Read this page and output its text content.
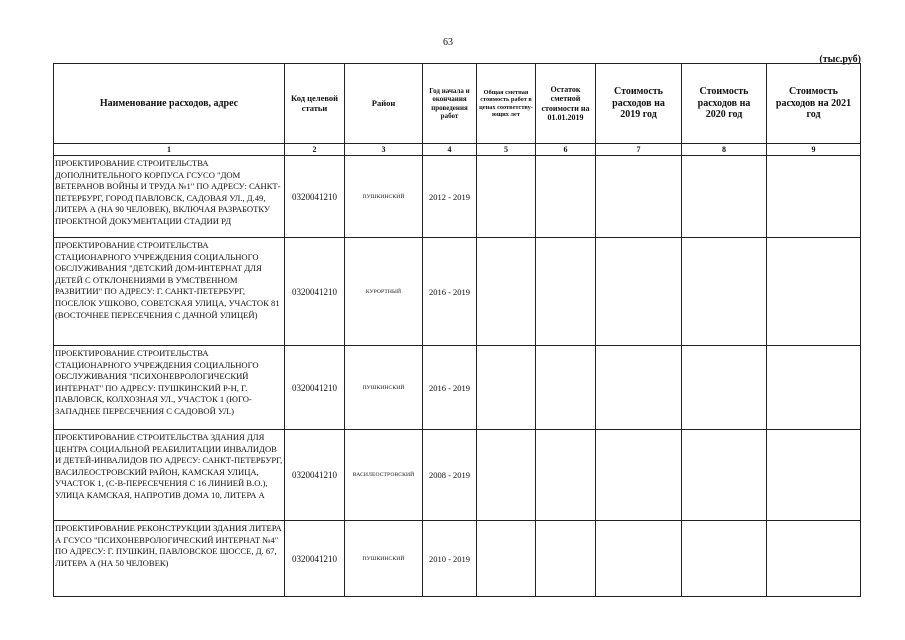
63
(тыс.руб)
Наименование расходов, адрес	Код целевой статьи	Район	Год начала и окончания проведения работ	Общая сметная стоимость работ в ценах соответству-ющих лет	Остаток сметной стоимости на 01.01.2019	Стоимость расходов на 2019 год	Стоимость расходов на 2020 год	Стоимость расходов на 2021 год
1	2	3	4	5	6	7	8	9
ПРОЕКТИРОВАНИЕ СТРОИТЕЛЬСТВА ДОПОЛНИТЕЛЬНОГО КОРПУСА ГСУСО "ДОМ ВЕТЕРАНОВ ВОЙНЫ И ТРУДА №1" ПО АДРЕСУ: САНКТ-ПЕТЕРБУРГ, ГОРОД ПАВЛОВСК, САДОВАЯ УЛ., Д.49, ЛИТЕРА А (НА 90 ЧЕЛОВЕК), ВКЛЮЧАЯ РАЗРАБОТКУ ПРОЕКТНОЙ ДОКУМЕНТАЦИИ СТАДИИ РД	0320041210	ПУШКИНСКИЙ	2012 - 2019					
ПРОЕКТИРОВАНИЕ СТРОИТЕЛЬСТВА СТАЦИОНАРНОГО УЧРЕЖДЕНИЯ СОЦИАЛЬНОГО ОБСЛУЖИВАНИЯ "ДЕТСКИЙ ДОМ-ИНТЕРНАТ ДЛЯ ДЕТЕЙ С ОТКЛОНЕНИЯМИ В УМСТВЕННОМ РАЗВИТИИ" ПО АДРЕСУ: Г. САНКТ-ПЕТЕРБУРГ, ПОСЕЛОК УШКОВО, СОВЕТСКАЯ УЛИЦА, УЧАСТОК 81 (ВОСТОЧНЕЕ ПЕРЕСЕЧЕНИЯ С ДАЧНОЙ УЛИЦЕЙ)	0320041210	КУРОРТНЫЙ	2016 - 2019					
ПРОЕКТИРОВАНИЕ СТРОИТЕЛЬСТВА СТАЦИОНАРНОГО УЧРЕЖДЕНИЯ СОЦИАЛЬНОГО ОБСЛУЖИВАНИЯ "ПСИХОНЕВРОЛОГИЧЕСКИЙ ИНТЕРНАТ" ПО АДРЕСУ: ПУШКИНСКИЙ Р-Н, Г. ПАВЛОВСК, КОЛХОЗНАЯ УЛ., УЧАСТОК 1 (ЮГО-ЗАПАДНЕЕ ПЕРЕСЕЧЕНИЯ С САДОВОЙ УЛ.)	0320041210	ПУШКИНСКИЙ	2016 - 2019					
ПРОЕКТИРОВАНИЕ СТРОИТЕЛЬСТВА ЗДАНИЯ ДЛЯ ЦЕНТРА СОЦИАЛЬНОЙ РЕАБИЛИТАЦИИ ИНВАЛИДОВ И ДЕТЕЙ-ИНВАЛИДОВ ПО АДРЕСУ: САНКТ-ПЕТЕРБУРГ, ВАСИЛЕОСТРОВСКИЙ РАЙОН, КАМСКАЯ УЛИЦА, УЧАСТОК 1, (С-В-ПЕРЕСЕЧЕНИЯ С 16 ЛИНИЕЙ В.О.), УЛИЦА КАМСКАЯ, НАПРОТИВ ДОМА 10, ЛИТЕРА А	0320041210	ВАСИЛЕОСТРОВСКИЙ	2008 - 2019					
ПРОЕКТИРОВАНИЕ РЕКОНСТРУКЦИИ ЗДАНИЯ ЛИТЕРА А ГСУСО "ПСИХОНЕВРОЛОГИЧЕСКИЙ ИНТЕРНАТ №4" ПО АДРЕСУ: Г. ПУШКИН, ПАВЛОВСКОЕ ШОССЕ, Д. 67, ЛИТЕРА А (НА 50 ЧЕЛОВЕК)	0320041210	ПУШКИНСКИЙ	2010 - 2019					
